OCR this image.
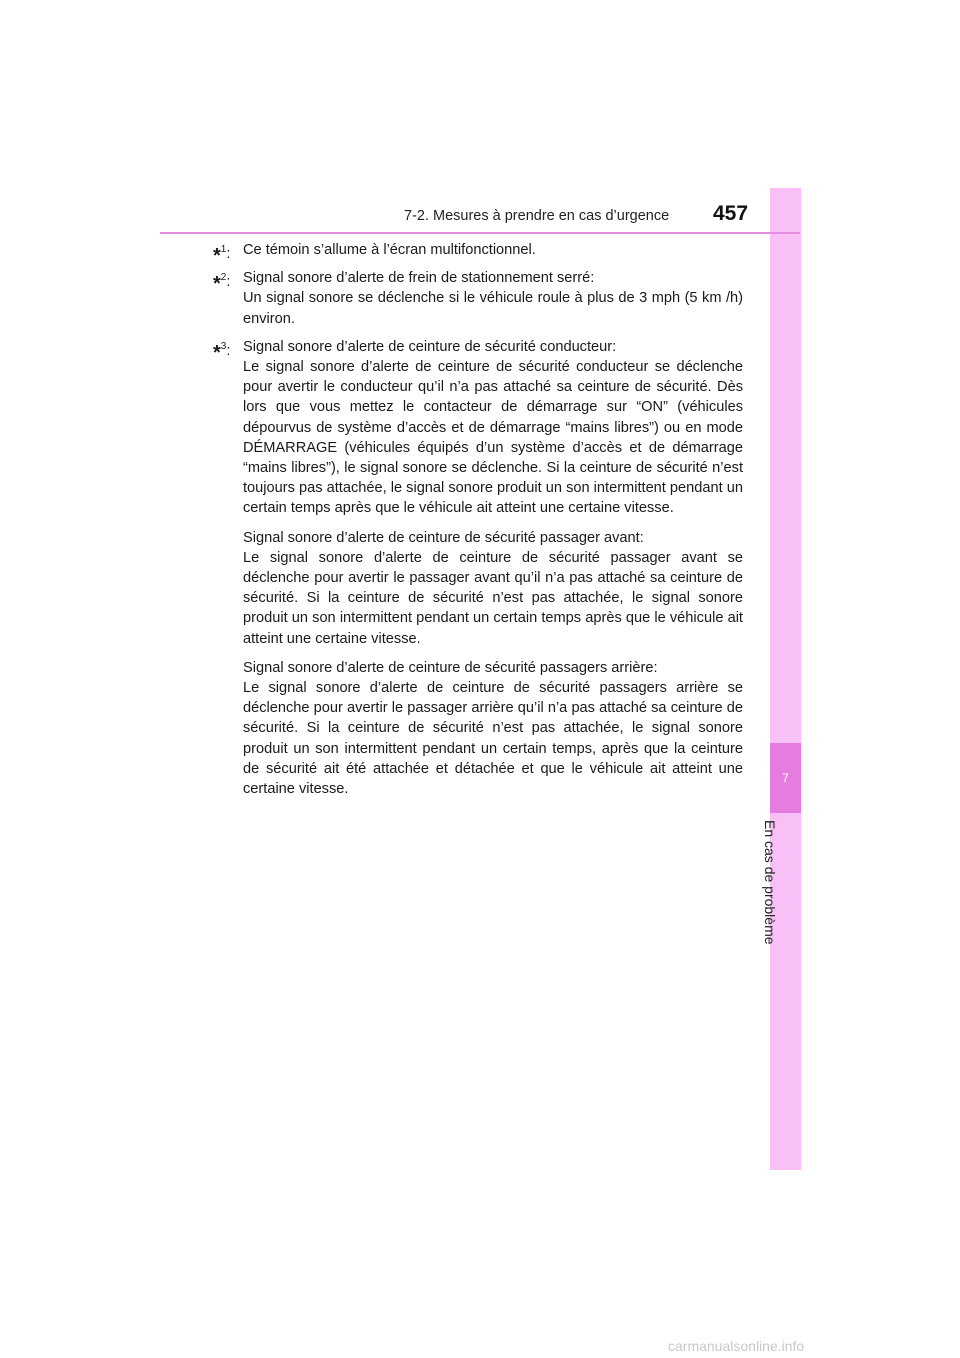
7
En cas de problème
7-2. Mesures à prendre en cas d’urgence 457
*$^1$: Ce témoin s’allume à l’écran multifonctionnel.

*$^2$: Signal sonore d’alerte de frein de stationnement serré:

Un signal sonore se déclenche si le véhicule roule à plus de 3 mph (5 km /h) environ.

*$^3$: Signal sonore d’alerte de ceinture de sécurité conducteur:

Le signal sonore d’alerte de ceinture de sécurité conducteur se déclenche pour avertir le conducteur qu’il n’a pas attaché sa ceinture de sécurité. Dès lors que vous mettez le contacteur de démarrage sur “ON” (véhicules dépourvus de système d’accès et de démarrage “mains libres”) ou en mode DÉMARRAGE (véhicules équipés d’un système d’accès et de démarrage “mains libres”), le signal sonore se déclenche. Si la ceinture de sécurité n’est toujours pas attachée, le signal sonore produit un son intermittent pendant un certain temps après que le véhicule ait atteint une certaine vitesse.

Signal sonore d’alerte de ceinture de sécurité passager avant:

Le signal sonore d’alerte de ceinture de sécurité passager avant se déclenche pour avertir le passager avant qu’il n’a pas attaché sa ceinture de sécurité. Si la ceinture de sécurité n’est pas attachée, le signal sonore produit un son intermittent pendant un certain temps après que le véhicule ait atteint une certaine vitesse.

Signal sonore d’alerte de ceinture de sécurité passagers arrière:

Le signal sonore d’alerte de ceinture de sécurité passagers arrière se déclenche pour avertir le passager arrière qu’il n’a pas attaché sa ceinture de sécurité. Si la ceinture de sécurité n’est pas attachée, le signal sonore produit un son intermittent pendant un certain temps, après que la ceinture de sécurité ait été attachée et détachée et que le véhicule ait atteint une certaine vitesse.

carmanualsonline.info
